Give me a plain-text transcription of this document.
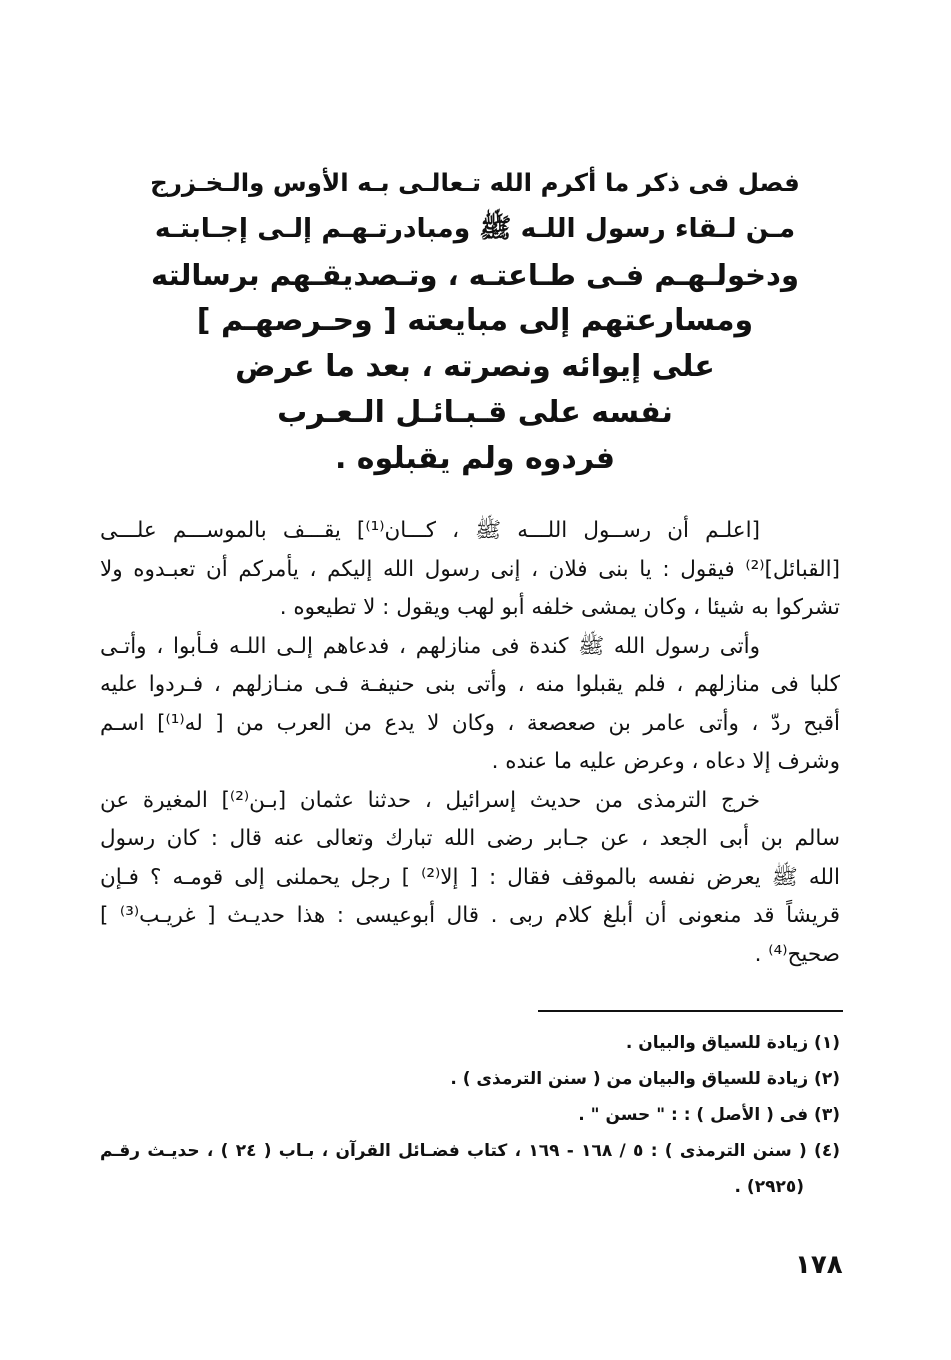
فصل فى ذكر ما أكرم الله تـعالـى بـه الأوس والـخـزرج
مـن لـقاء رسول اللـه ﷺ ومبادرتـهـم إلـى إجـابتـه
ودخولـهـم فـى طـاعتـه ، وتـصديقـهم برسالته
ومسارعتهم إلى مبايعته [ وحـرصهـم ]
على إيوائه ونصرته ، بعد ما عرض
نفسه على قـبـائـل الـعـرب
فردوه ولم يقبلوه .

[اعلـم أن رســول اللـــه ﷺ ، كـــان⁽¹⁾] يقـــف بالموســـم علـــى
[القبائل]⁽²⁾ فيقول : يا بنى فلان ، إنى رسول الله إليكم ، يأمركم أن تعبـدوه ولا
تشركوا به شيئا ، وكان يمشى خلفه أبو لهب ويقول : لا تطيعوه .

وأتى رسول الله ﷺ كندة فى منازلهم ، فدعاهم إلـى اللـه فـأبوا ، وأتـى
كلبا فى منازلهم ، فلم يقبلوا منه ، وأتى بنى حنيفـة فـى منـازلهم ، فـردوا عليه
أقبح ردّ ، وأتى عامر بن صعصعة ، وكان لا يدع من العرب من [ له⁽¹⁾] اسـم
وشرف إلا دعاه ، وعرض عليه ما عنده .

خرج الترمذى من حديث إسرائيل ، حدثنا عثمان [بـن⁽²⁾] المغيرة عن
سالم بن أبى الجعد ، عن جـابر رضى الله تبارك وتعالى عنه قال : كان رسول
الله ﷺ يعرض نفسه بالموقف فقال : [ إلا⁽²⁾ ] رجل يحملنى إلى قومـه ؟ فـإن
قريشاً قد منعونى أن أبلغ كلام ربى . قال أبوعيسى : هذا حديـث [ غريـب⁽³⁾ ]
صحيح⁽⁴⁾ .

(١) زيادة للسياق والبيان .
(٢) زيادة للسياق والبيان من ( سنن الترمذى ) .
(٣) فى ( الأصل ) : : " حسن " .
(٤) ( سنن الترمذى ) : ٥ / ١٦٨ - ١٦٩ ، كتاب فضـائل القرآن ، بـاب ( ٢٤ ) ، حديـث رقـم
(٢٩٢٥) .
١٧٨
